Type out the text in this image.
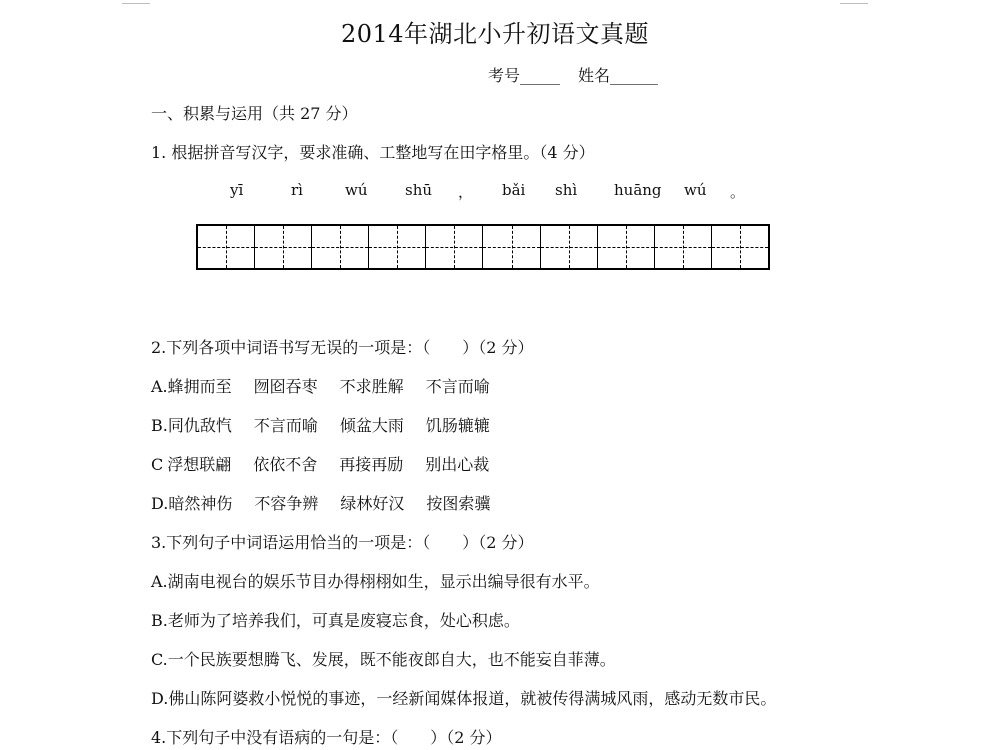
2014年湖北小升初语文真题
考号_____ 姓名______
一、积累与运用（共 27 分）
1. 根据拼音写汉字，要求准确、工整地写在田字格里。（4 分）
yī	rì	wú	shū ， bǎi shì huāng wú 。
2.下列各项中词语书写无误的一项是：（　　）（2 分）
A.蜂拥而至 囫囵吞枣 不求胜解 不言而喻
B.同仇敌忾 不言而喻 倾盆大雨 饥肠辘辘
C 浮想联翩 依依不舍 再接再励 别出心裁
D.暗然神伤 不容争辨 绿林好汉 按图索骥
3.下列句子中词语运用恰当的一项是：（　　）（2 分）
A.湖南电视台的娱乐节目办得栩栩如生，显示出编导很有水平。
B.老师为了培养我们，可真是废寝忘食，处心积虑。
C.一个民族要想腾飞、发展，既不能夜郎自大，也不能妄自菲薄。
D.佛山陈阿婆救小悦悦的事迹，一经新闻媒体报道，就被传得满城风雨，感动无数市民。
4.下列句子中没有语病的一句是：（　　）（2 分）
